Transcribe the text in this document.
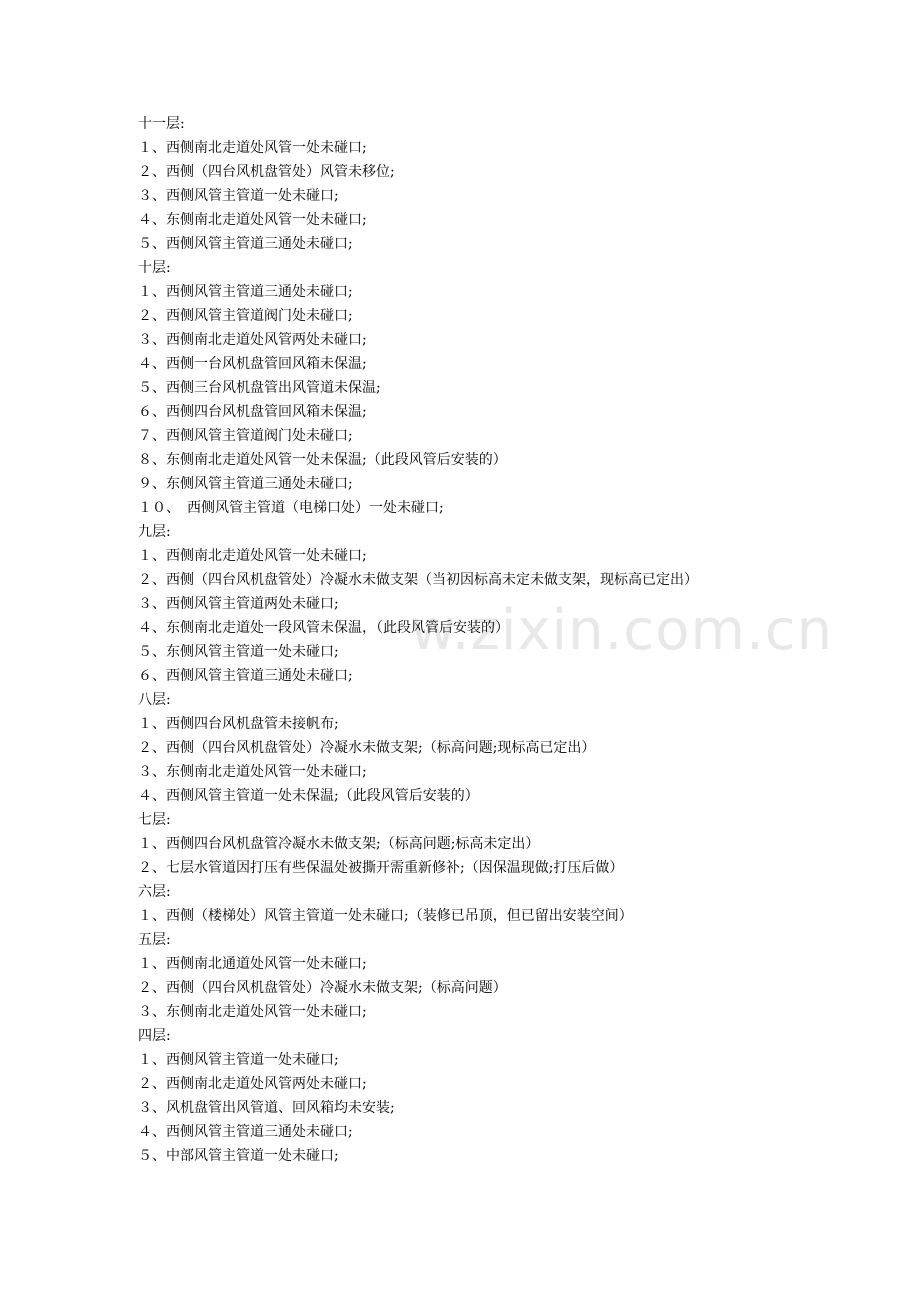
w.zixin.com.cn
十一层:
１、西侧南北走道处风管一处未碰口;
２、西侧（四台风机盘管处）风管未移位;
３、西侧风管主管道一处未碰口;
４、东侧南北走道处风管一处未碰口;
５、西侧风管主管道三通处未碰口;
十层:
１、西侧风管主管道三通处未碰口;
２、西侧风管主管道阀门处未碰口;
３、西侧南北走道处风管两处未碰口;
４、西侧一台风机盘管回风箱未保温;
５、西侧三台风机盘管出风管道未保温;
６、西侧四台风机盘管回风箱未保温;
７、西侧风管主管道阀门处未碰口;
８、东侧南北走道处风管一处未保温;（此段风管后安装的）
９、东侧风管主管道三通处未碰口;
１０、　西侧风管主管道（电梯口处）一处未碰口;
九层:
１、西侧南北走道处风管一处未碰口;
２、西侧（四台风机盘管处）冷凝水未做支架（当初因标高未定未做支架，现标高已定出）
３、西侧风管主管道两处未碰口;
４、东侧南北走道处一段风管未保温，（此段风管后安装的）
５、东侧风管主管道一处未碰口;
６、西侧风管主管道三通处未碰口;
八层:
１、西侧四台风机盘管未接帆布;
２、西侧（四台风机盘管处）冷凝水未做支架;（标高问题;现标高已定出）
３、东侧南北走道处风管一处未碰口;
４、西侧风管主管道一处未保温;（此段风管后安装的）
七层:
１、西侧四台风机盘管冷凝水未做支架;（标高问题;标高未定出）
２、七层水管道因打压有些保温处被撕开需重新修补;（因保温现做;打压后做）
六层:
１、西侧（楼梯处）风管主管道一处未碰口;（装修已吊顶，但已留出安装空间）
五层:
１、西侧南北通道处风管一处未碰口;
２、西侧（四台风机盘管处）冷凝水未做支架;（标高问题）
３、东侧南北走道处风管一处未碰口;
四层:
１、西侧风管主管道一处未碰口;
２、西侧南北走道处风管两处未碰口;
３、风机盘管出风管道、回风箱均未安装;
４、西侧风管主管道三通处未碰口;
５、中部风管主管道一处未碰口;
